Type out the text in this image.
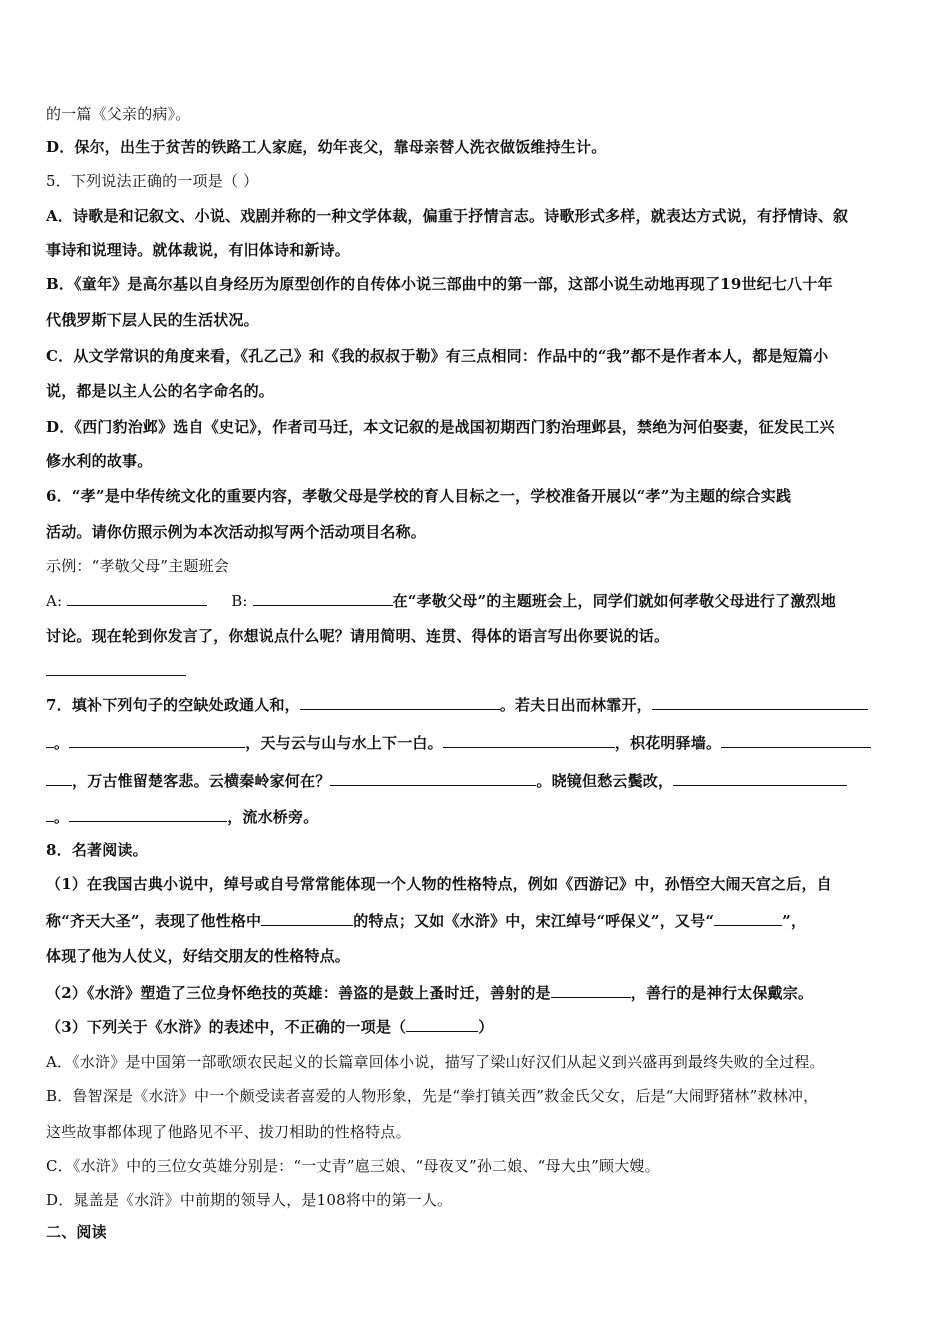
的一篇《父亲的病》。
D．保尔，出生于贫苦的铁路工人家庭，幼年丧父，靠母亲替人洗衣做饭维持生计。
5．下列说法正确的一项是（ ）
A．诗歌是和记叙文、小说、戏剧并称的一种文学体裁，偏重于抒情言志。诗歌形式多样，就表达方式说，有抒情诗、叙
事诗和说理诗。就体裁说，有旧体诗和新诗。
B．《童年》是高尔基以自身经历为原型创作的自传体小说三部曲中的第一部，这部小说生动地再现了19世纪七八十年
代俄罗斯下层人民的生活状况。
C．从文学常识的角度来看，《孔乙己》和《我的叔叔于勒》有三点相同：作品中的“我”都不是作者本人，都是短篇小
说，都是以主人公的名字命名的。
D．《西门豹治邺》选自《史记》，作者司马迁，本文记叙的是战国初期西门豹治理邺县，禁绝为河伯娶妻，征发民工兴
修水利的故事。
6．“孝”是中华传统文化的重要内容，孝敬父母是学校的育人目标之一，学校准备开展以“孝”为主题的综合实践
活动。请你仿照示例为本次活动拟写两个活动项目名称。
示例：“孝敬父母”主题班会
A:	B:	在“孝敬父母”的主题班会上，同学们就如何孝敬父母进行了激烈地
讨论。现在轮到你发言了，你想说点什么呢？请用简明、连贯、得体的语言写出你要说的话。
7．填补下列句子的空缺处政通人和，	。若夫日出而林霏开，
。	，天与云与山与水上下一白。	，枳花明驿墙。
，万古惟留楚客悲。云横秦岭家何在？	。晓镜但愁云鬓改，
。	，流水桥旁。
8．名著阅读。
（1）在我国古典小说中，绰号或自号常常能体现一个人物的性格特点，例如《西游记》中，孙悟空大闹天宫之后，自
称“齐天大圣”，表现了他性格中	的特点；又如《水浒》中，宋江绰号“呼保义”，又号“	”，
体现了他为人仗义，好结交朋友的性格特点。
（2）《水浒》塑造了三位身怀绝技的英雄：善盗的是鼓上蚤时迁，善射的是	，善行的是神行太保戴宗。
（3）下列关于《水浒》的表述中，不正确的一项是（	）
A．《水浒》是中国第一部歌颂农民起义的长篇章回体小说，描写了梁山好汉们从起义到兴盛再到最终失败的全过程。
B．鲁智深是《水浒》中一个颇受读者喜爱的人物形象，先是“拳打镇关西”救金氏父女，后是“大闹野猪林”救林冲，
这些故事都体现了他路见不平、拔刀相助的性格特点。
C．《水浒》中的三位女英雄分别是：“一丈青”扈三娘、“母夜叉”孙二娘、“母大虫”顾大嫂。
D．晁盖是《水浒》中前期的领导人，是108将中的第一人。
二、阅读
